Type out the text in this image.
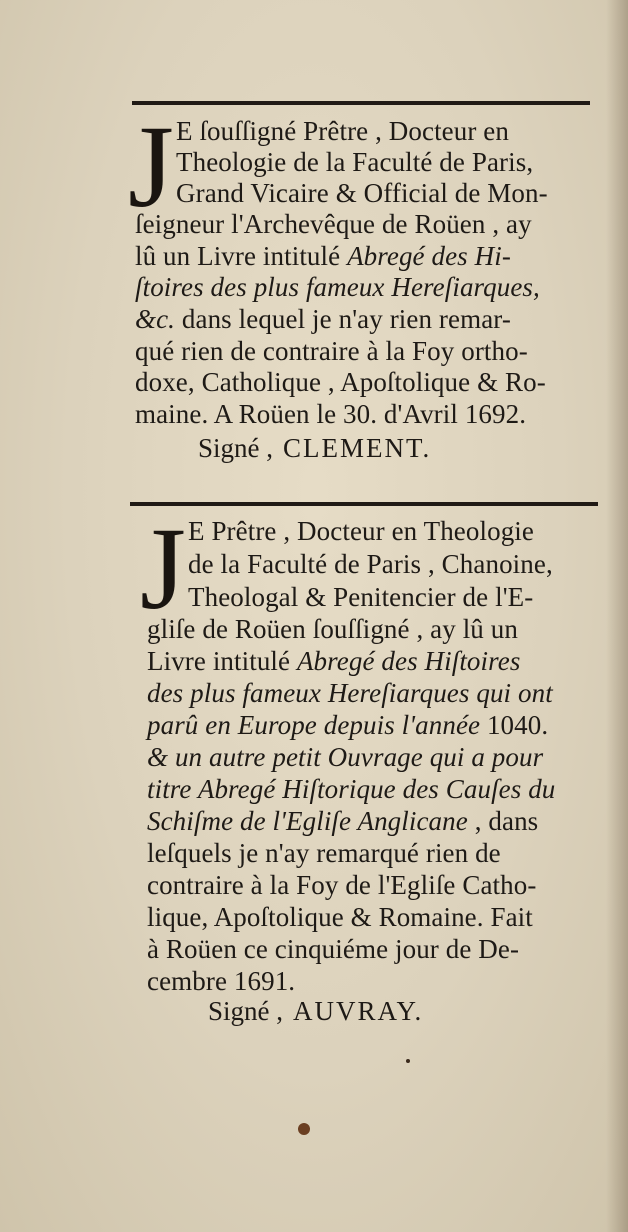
J E ſouſſigné Prêtre , Docteur en
Theologie de la Faculté de Paris,
Grand Vicaire & Official de Mon-
ſeigneur l'Archevêque de Roüen , ay
lû un Livre intitulé Abregé des Hi-
ſtoires des plus fameux Hereſiarques,
&c. dans lequel je n'ay rien remar-
qué rien de contraire à la Foy ortho-
doxe, Catholique , Apoſtolique & Ro-
maine. A Roüen le 30. d'Avril 1692.
Signé , CLEMENT.
J E Prêtre , Docteur en Theologie
de la Faculté de Paris , Chanoine,
Theologal & Penitencier de l'E-
gliſe de Roüen ſouſſigné , ay lû un
Livre intitulé Abregé des Hiſtoires
des plus fameux Hereſiarques qui ont
parû en Europe depuis l'année 1040.
& un autre petit Ouvrage qui a pour
titre Abregé Hiſtorique des Cauſes du
Schiſme de l'Egliſe Anglicane , dans
leſquels je n'ay remarqué rien de
contraire à la Foy de l'Egliſe Catho-
lique, Apoſtolique & Romaine. Fait
à Roüen ce cinquiéme jour de De-
cembre 1691.
Signé , AUVRAY.
